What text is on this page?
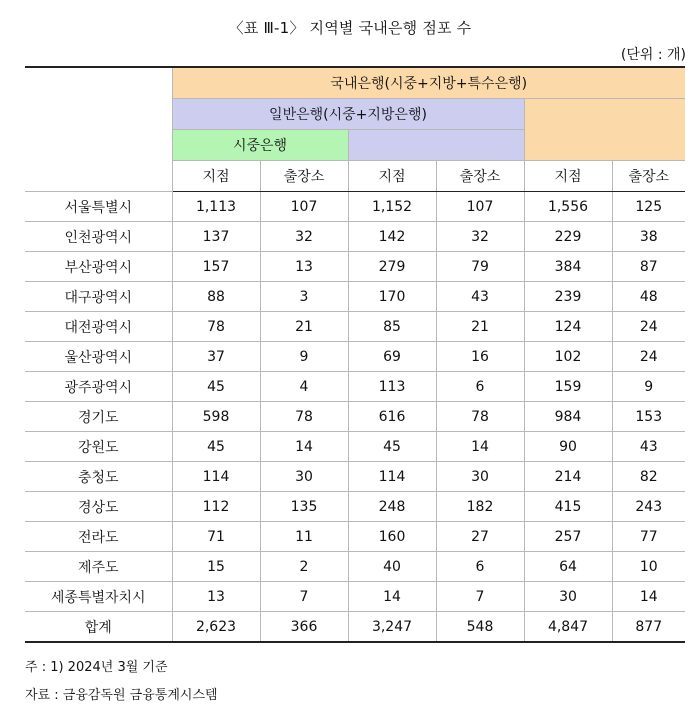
〈표 Ⅲ-1〉 지역별 국내은행 점포 수
(단위 : 개)
	국내은행(시중+지방+특수은행)					
	일반은행(시중+지방은행)					
	시중은행					
	지점	출장소	지점	출장소	지점	출장소
서울특별시	1,113	107	1,152	107	1,556	125
인천광역시	137	32	142	32	229	38
부산광역시	157	13	279	79	384	87
대구광역시	88	3	170	43	239	48
대전광역시	78	21	85	21	124	24
울산광역시	37	9	69	16	102	24
광주광역시	45	4	113	6	159	9
경기도	598	78	616	78	984	153
강원도	45	14	45	14	90	43
충청도	114	30	114	30	214	82
경상도	112	135	248	182	415	243
전라도	71	11	160	27	257	77
제주도	15	2	40	6	64	10
세종특별자치시	13	7	14	7	30	14
합계	2,623	366	3,247	548	4,847	877
주 : 1) 2024년 3월 기준
자료 : 금융감독원 금융통계시스템
